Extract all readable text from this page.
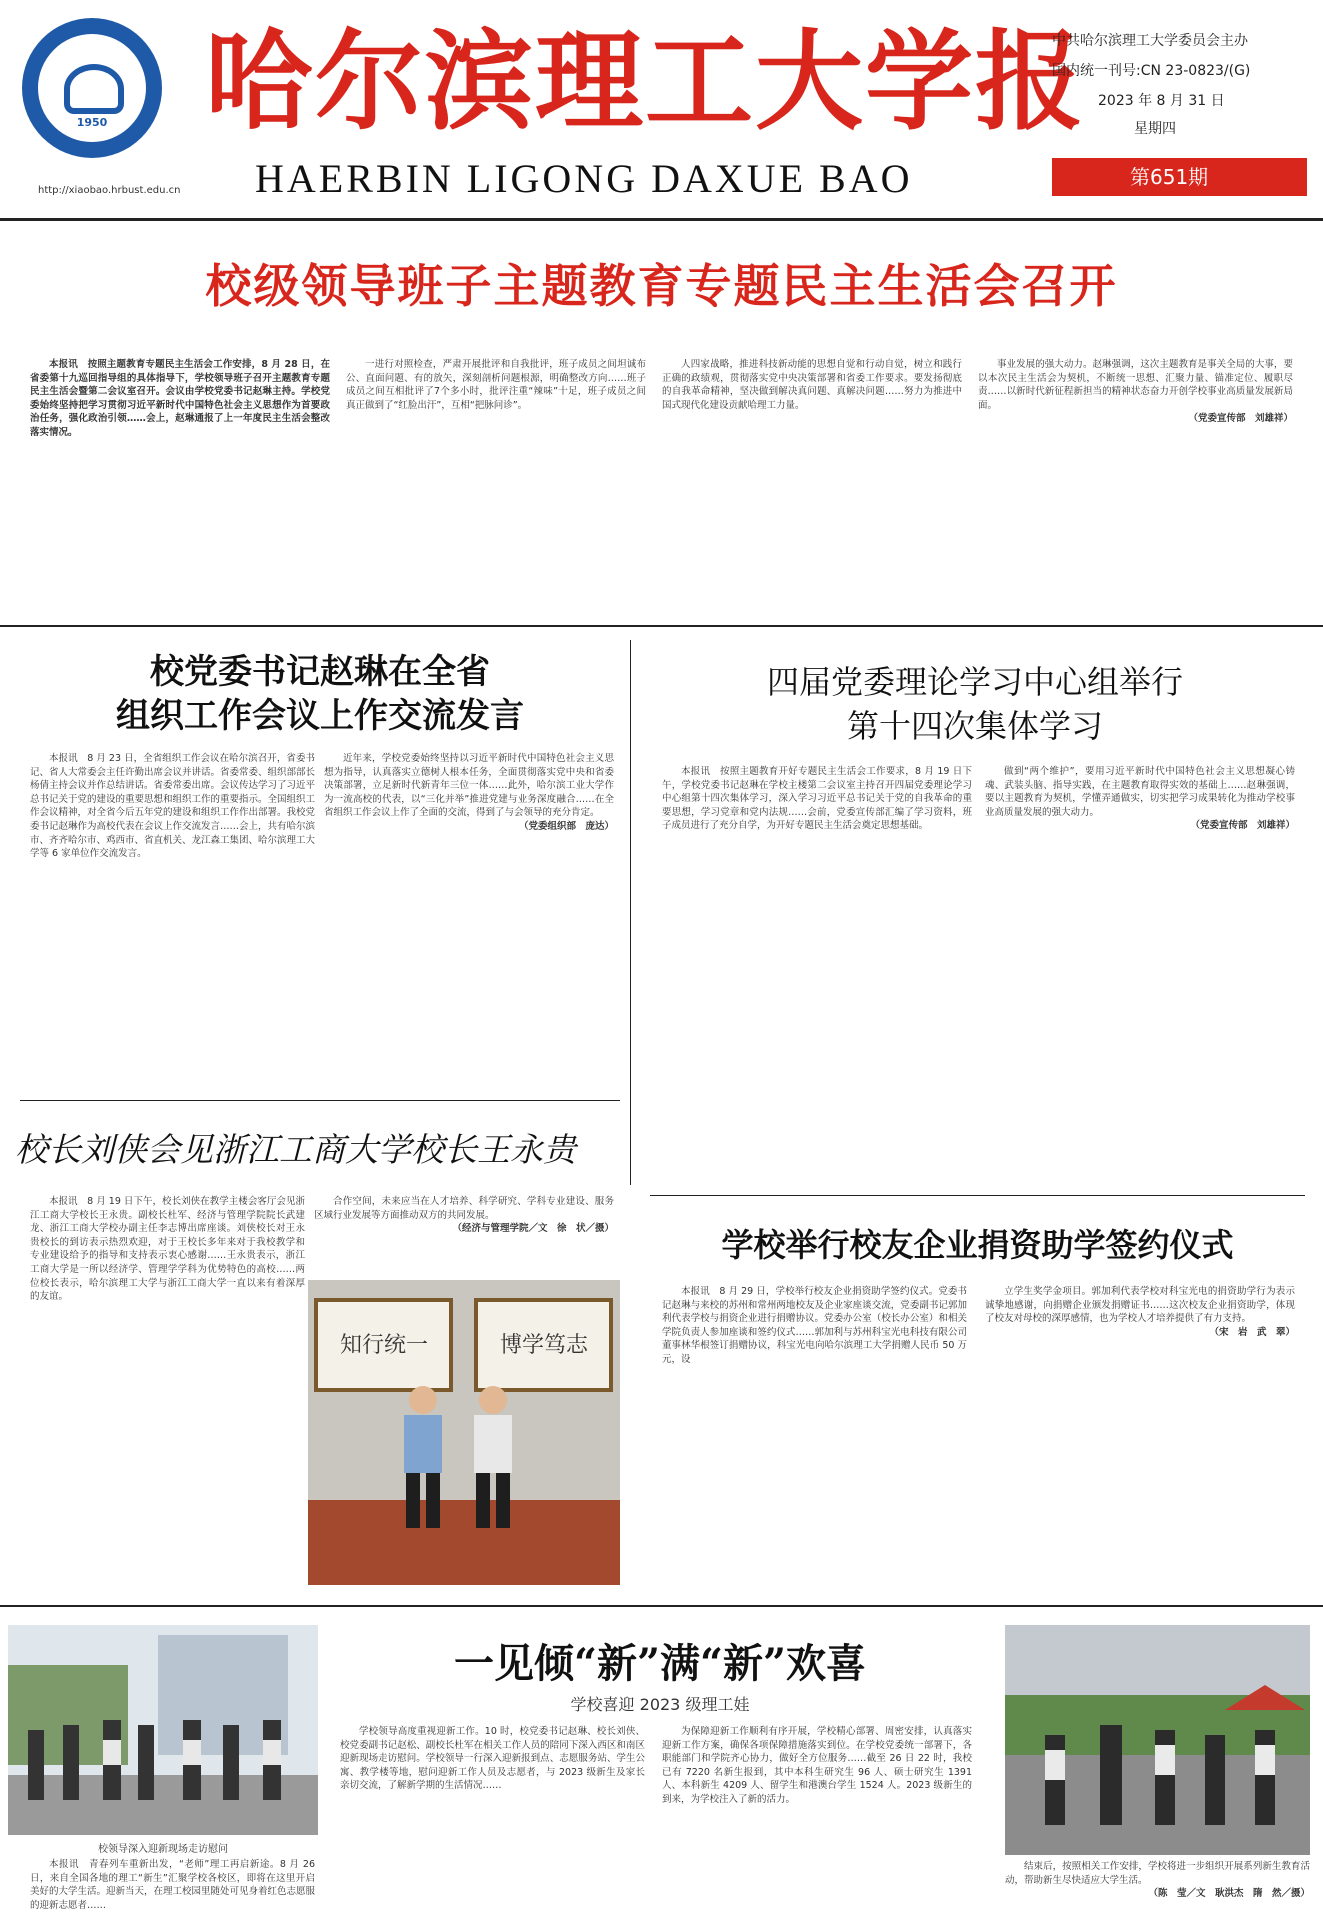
1950
http://xiaobao.hrbust.edu.cn
哈尔滨理工大学报
HAERBIN LIGONG DAXUE BAO
中共哈尔滨理工大学委员会主办
国内统一刊号:CN 23-0823/(G)
2023 年 8 月 31 日
星期四
第651期
校级领导班子主题教育专题民主生活会召开

本报讯　按照主题教育专题民主生活会工作安排，8 月 28 日，在省委第十九巡回指导组的具体指导下，学校领导班子召开主题教育专题民主生活会暨第二会议室召开。会议由学校党委书记赵琳主持。学校党委始终坚持把学习贯彻习近平新时代中国特色社会主义思想作为首要政治任务，强化政治引领……会上，赵琳通报了上一年度民主生活会整改落实情况。

一进行对照检查，严肃开展批评和自我批评，班子成员之间坦诚布公、直面问题、有的放矢，深刻剖析问题根源，明确整改方向……班子成员之间互相批评了7个多小时，批评注重“辣味”十足，班子成员之间真正做到了“红脸出汗”，互相“把脉问诊”。

人四家战略，推进科技新动能的思想自觉和行动自觉，树立和践行正确的政绩观，贯彻落实党中央决策部署和省委工作要求。要发扬彻底的自我革命精神，坚决做到解决真问题、真解决问题……努力为推进中国式现代化建设贡献哈理工力量。

事业发展的强大动力。赵琳强调，这次主题教育是事关全局的大事，要以本次民主生活会为契机，不断统一思想、汇聚力量、锚准定位、履职尽责……以新时代新征程新担当的精神状态奋力开创学校事业高质量发展新局面。

（党委宣传部　刘雄祥）

校党委书记赵琳在全省
组织工作会议上作交流发言

本报讯　8 月 23 日，全省组织工作会议在哈尔滨召开，省委书记、省人大常委会主任许勤出席会议并讲话。省委常委、组织部部长杨倩主持会议并作总结讲话。省委常委出席。会议传达学习了习近平总书记关于党的建设的重要思想和组织工作的重要指示。全国组织工作会议精神，对全省今后五年党的建设和组织工作作出部署。我校党委书记赵琳作为高校代表在会议上作交流发言……会上，共有哈尔滨市、齐齐哈尔市、鸡西市、省直机关、龙江森工集团、哈尔滨理工大学等 6 家单位作交流发言。

近年来，学校党委始终坚持以习近平新时代中国特色社会主义思想为指导，认真落实立德树人根本任务，全面贯彻落实党中央和省委决策部署，立足新时代新青年三位一体……此外，哈尔滨工业大学作为一流高校的代表，以“三化并举”推进党建与业务深度融合……在全省组织工作会议上作了全面的交流，得到了与会领导的充分肯定。

（党委组织部　庞达）

四届党委理论学习中心组举行
第十四次集体学习

本报讯　按照主题教育开好专题民主生活会工作要求，8 月 19 日下午，学校党委书记赵琳在学校主楼第二会议室主持召开四届党委理论学习中心组第十四次集体学习，深入学习习近平总书记关于党的自我革命的重要思想，学习党章和党内法规……会前，党委宣传部汇编了学习资料，班子成员进行了充分自学，为开好专题民主生活会奠定思想基础。

做到“两个维护”，要用习近平新时代中国特色社会主义思想凝心铸魂、武装头脑、指导实践，在主题教育取得实效的基础上……赵琳强调，要以主题教育为契机，学懂弄通做实，切实把学习成果转化为推动学校事业高质量发展的强大动力。

（党委宣传部　刘雄祥）

校长刘侠会见浙江工商大学校长王永贵

本报讯　8 月 19 日下午，校长刘侠在教学主楼会客厅会见浙江工商大学校长王永贵。副校长杜军、经济与管理学院院长武建龙、浙江工商大学校办副主任李志博出席座谈。刘侠校长对王永贵校长的到访表示热烈欢迎，对于王校长多年来对于我校教学和专业建设给予的指导和支持表示衷心感谢……王永贵表示，浙江工商大学是一所以经济学、管理学学科为优势特色的高校……两位校长表示，哈尔滨理工大学与浙江工商大学一直以来有着深厚的友谊。

合作空间，未来应当在人才培养、科学研究、学科专业建设、服务区域行业发展等方面推动双方的共同发展。

（经济与管理学院／文　徐　状／摄）

知行统一	博学笃志
学校举行校友企业捐资助学签约仪式

本报讯　8 月 29 日，学校举行校友企业捐资助学签约仪式。党委书记赵琳与来校的苏州和常州两地校友及企业家座谈交流，党委副书记郭加利代表学校与捐资企业进行捐赠协议。党委办公室（校长办公室）和相关学院负责人参加座谈和签约仪式……郭加利与苏州科宝光电科技有限公司董事林华根签订捐赠协议，科宝光电向哈尔滨理工大学捐赠人民币 50 万元，设

立学生奖学金项目。郭加利代表学校对科宝光电的捐资助学行为表示诚挚地感谢，向捐赠企业颁发捐赠证书……这次校友企业捐资助学，体现了校友对母校的深厚感情，也为学校人才培养提供了有力支持。

（宋　岩　武　翠）

校领导深入迎新现场走访慰问

本报讯　青春列车重新出发，“老师”理工再启新途。8 月 26 日，来自全国各地的理工“新生”汇聚学校各校区，即将在这里开启美好的大学生活。迎新当天，在理工校园里随处可见身着红色志愿服的迎新志愿者……

一见倾“新”满“新”欢喜
学校喜迎 2023 级理工娃

学校领导高度重视迎新工作。10 时，校党委书记赵琳、校长刘侠、校党委副书记赵松、副校长杜军在相关工作人员的陪同下深入西区和南区迎新现场走访慰问。学校领导一行深入迎新报到点、志愿服务站、学生公寓、教学楼等地，慰问迎新工作人员及志愿者，与 2023 级新生及家长亲切交流，了解新学期的生活情况……

为保障迎新工作顺利有序开展，学校精心部署、周密安排，认真落实迎新工作方案，确保各项保障措施落实到位。在学校党委统一部署下，各职能部门和学院齐心协力，做好全方位服务……截至 26 日 22 时，我校已有 7220 名新生报到，其中本科生研究生 96 人、硕士研究生 1391 人、本科新生 4209 人、留学生和港澳台学生 1524 人。2023 级新生的到来，为学校注入了新的活力。

结束后，按照相关工作安排，学校将进一步组织开展系列新生教育活动，帮助新生尽快适应大学生活。

（陈　莹／文　耿洪杰　隋　然／摄）
